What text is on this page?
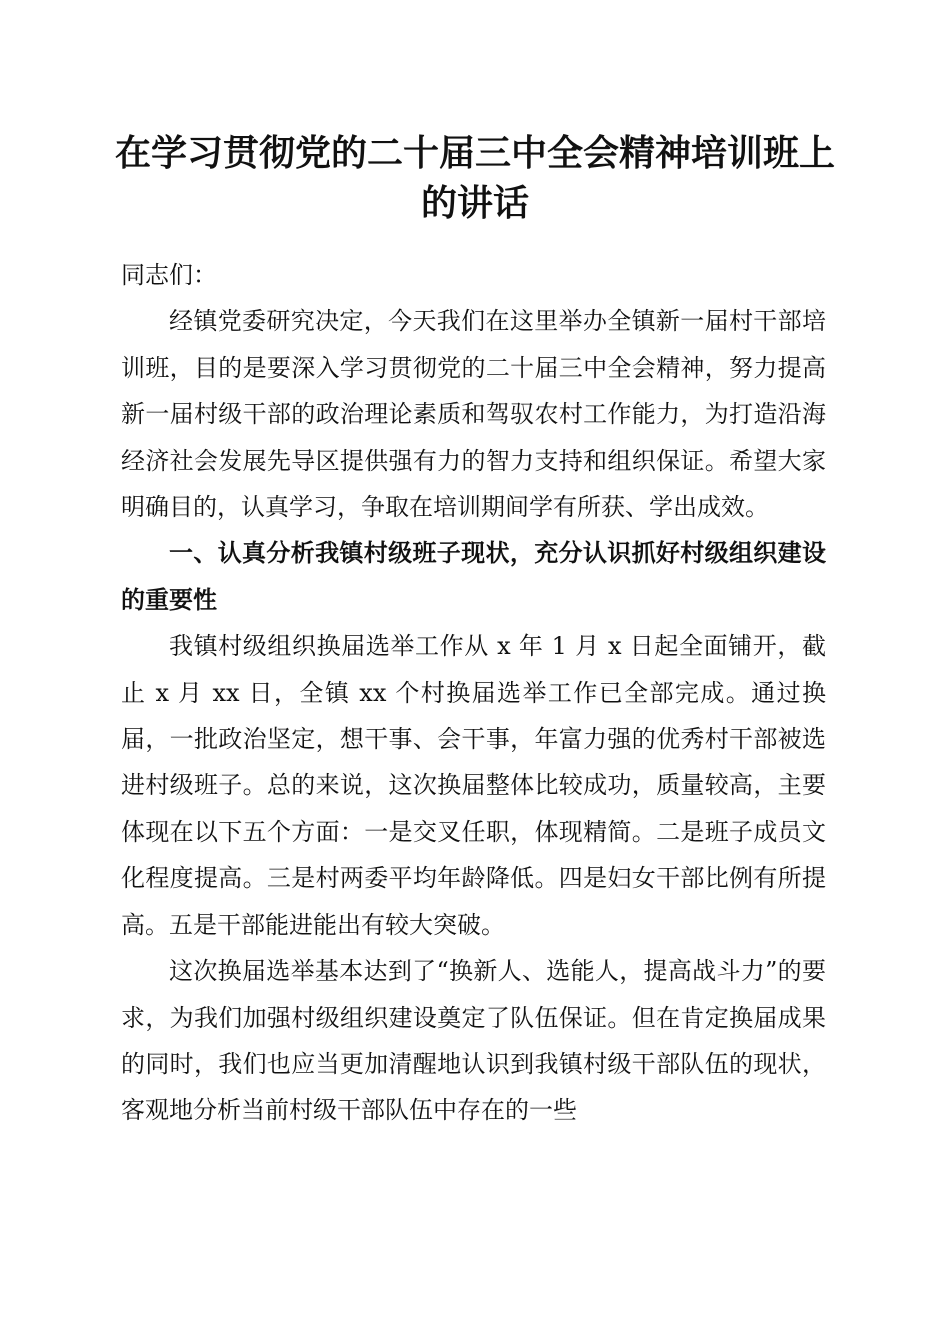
在学习贯彻党的二十届三中全会精神培训班上
的讲话

同志们：

经镇党委研究决定，今天我们在这里举办全镇新一届村干部培训班，目的是要深入学习贯彻党的二十届三中全会精神，努力提高新一届村级干部的政治理论素质和驾驭农村工作能力，为打造沿海经济社会发展先导区提供强有力的智力支持和组织保证。希望大家明确目的，认真学习，争取在培训期间学有所获、学出成效。

一、认真分析我镇村级班子现状，充分认识抓好村级组织建设的重要性

我镇村级组织换届选举工作从 x 年 1 月 x 日起全面铺开，截止 x 月 xx 日，全镇 xx 个村换届选举工作已全部完成。通过换届，一批政治坚定，想干事、会干事，年富力强的优秀村干部被选进村级班子。总的来说，这次换届整体比较成功，质量较高，主要体现在以下五个方面：一是交叉任职，体现精简。二是班子成员文化程度提高。三是村两委平均年龄降低。四是妇女干部比例有所提高。五是干部能进能出有较大突破。

这次换届选举基本达到了“换新人、选能人，提高战斗力”的要求，为我们加强村级组织建设奠定了队伍保证。但在肯定换届成果的同时，我们也应当更加清醒地认识到我镇村级干部队伍的现状，客观地分析当前村级干部队伍中存在的一些
